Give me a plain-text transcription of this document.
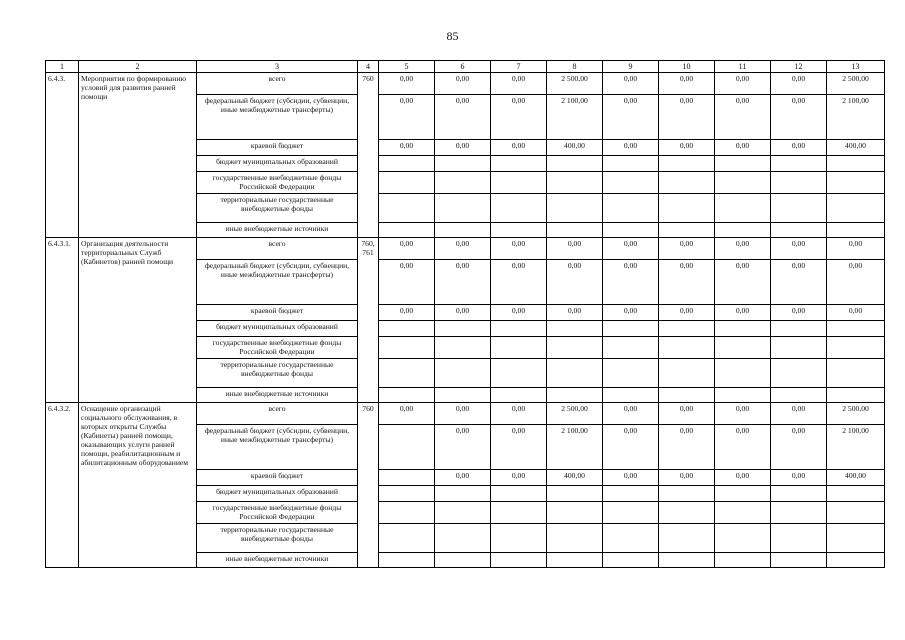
85
1	2	3	4	5	6	7	8	9	10	11	12	13
6.4.3.	Мероприятия по формированию условий для развития ранней помощи	всего	760	0,00	0,00	0,00	2 500,00	0,00	0,00	0,00	0,00	2 500,00
		федеральный бюджет (субсидии, субвенции, иные межбюджетные трансферты)		0,00	0,00	0,00	2 100,00	0,00	0,00	0,00	0,00	2 100,00
		краевой бюджет		0,00	0,00	0,00	400,00	0,00	0,00	0,00	0,00	400,00
		бюджет муниципальных образований										
		государственные внебюджетные фонды Российской Федерации										
		территориальные государственные внебюджетные фонды										
		иные внебюджетные источники										
6.4.3.1.	Организация деятельности территориальных Служб (Кабинетов) ранней помощи	всего	760, 761	0,00	0,00	0,00	0,00	0,00	0,00	0,00	0,00	0,00
		федеральный бюджет (субсидии, субвенции, иные межбюджетные трансферты)		0,00	0,00	0,00	0,00	0,00	0,00	0,00	0,00	0,00
		краевой бюджет		0,00	0,00	0,00	0,00	0,00	0,00	0,00	0,00	0,00
		бюджет муниципальных образований										
		государственные внебюджетные фонды Российской Федерации										
		территориальные государственные внебюджетные фонды										
		иные внебюджетные источники										
6.4.3.2.	Оснащение организаций социального обслуживания, в которых открыты Службы (Кабинеты) ранней помощи, оказывающих услуги ранней помощи, реабилитационным и абилитационным оборудованием	всего	760	0,00	0,00	0,00	2 500,00	0,00	0,00	0,00	0,00	2 500,00
		федеральный бюджет (субсидии, субвенции, иные межбюджетные трансферты)			0,00	0,00	2 100,00	0,00	0,00	0,00	0,00	2 100,00
		краевой бюджет			0,00	0,00	400,00	0,00	0,00	0,00	0,00	400,00
		бюджет муниципальных образований										
		государственные внебюджетные фонды Российской Федерации										
		территориальные государственные внебюджетные фонды										
		иные внебюджетные источники										
